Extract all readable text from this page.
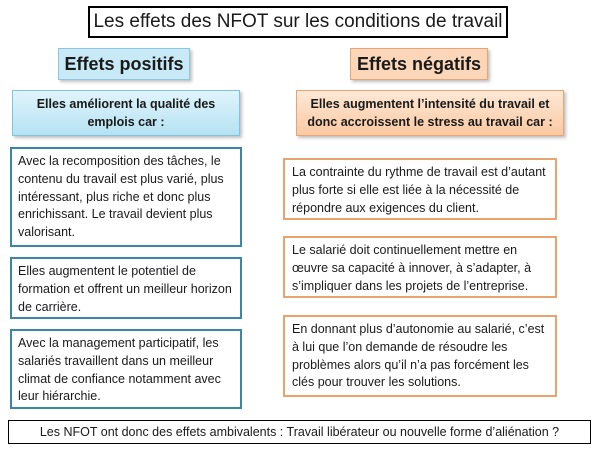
Les effets des NFOT sur les conditions de travail
Effets positifs	Effets négatifs
Elles améliorent la qualité des emplois car :
Elles augmentent l’intensité du travail et donc accroissent le stress au travail car :
Avec la recomposition des tâches, le contenu du travail est plus varié, plus intéressant, plus riche et donc plus enrichissant. Le travail devient plus valorisant.
Elles augmentent le potentiel de formation et offrent un meilleur horizon de carrière.
Avec la management participatif, les salariés travaillent dans un meilleur climat de confiance notamment avec leur hiérarchie.
La contrainte du rythme de travail est d’autant plus forte si elle est liée à la nécessité de répondre aux exigences du client.
Le salarié doit continuellement mettre en œuvre sa capacité à innover, à s’adapter, à s’impliquer dans les projets de l’entreprise.
En donnant plus d’autonomie au salarié, c’est à lui que l’on demande de résoudre les problèmes alors qu’il n’a pas forcément les clés pour trouver les solutions.
Les NFOT ont donc des effets ambivalents : Travail libérateur ou nouvelle forme d’aliénation ?
